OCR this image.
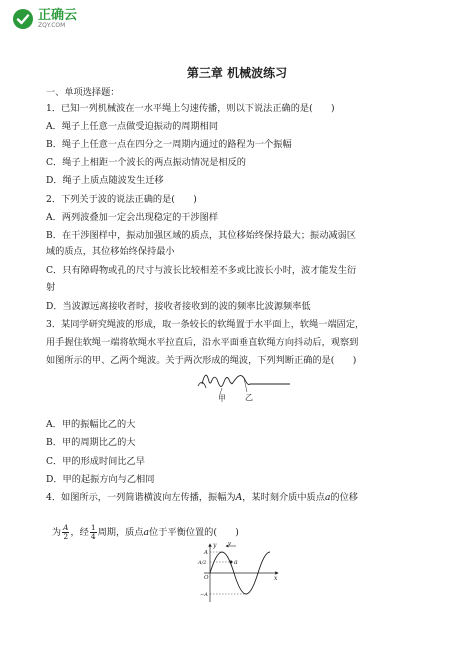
正确云
ZQY.COM
第三章 机械波练习
一、单项选择题：
1．已知一列机械波在一水平绳上匀速传播，则以下说法正确的是(　　)
A．绳子上任意一点做受迫振动的周期相同
B．绳子上任意一点在四分之一周期内通过的路程为一个振幅
C．绳子上相距一个波长的两点振动情况是相反的
D．绳子上质点随波发生迁移
2．下列关于波的说法正确的是(　　)
A．两列波叠加一定会出现稳定的干涉图样
B．在干涉图样中，振动加强区域的质点，其位移始终保持最大；振动减弱区
域的质点，其位移始终保持最小
C．只有障碍物或孔的尺寸与波长比较相差不多或比波长小时，波才能发生衍
射
D．当波源远离接收者时，接收者接收到的波的频率比波源频率低
3．某同学研究绳波的形成，取一条较长的软绳置于水平面上，软绳一端固定，
用手握住软绳一端将软绳水平拉直后，沿水平面垂直软绳方向抖动后，观察到
如图所示的甲、乙两个绳波。关于两次形成的绳波，下列判断正确的是(　　)
甲 乙
A．甲的振幅比乙的大
B．甲的周期比乙的大
C．甲的形成时间比乙早
D．甲的起振方向与乙相同
4．如图所示，一列简谐横波向左传播，振幅为A，某时刻介质中质点a的位移

为 $\frac{A}{2}$ ，经 $\frac{1}{4}$ 周期，质点a位于平衡位置的(　　)

y
x
A
A/2
O
−A
v
a
